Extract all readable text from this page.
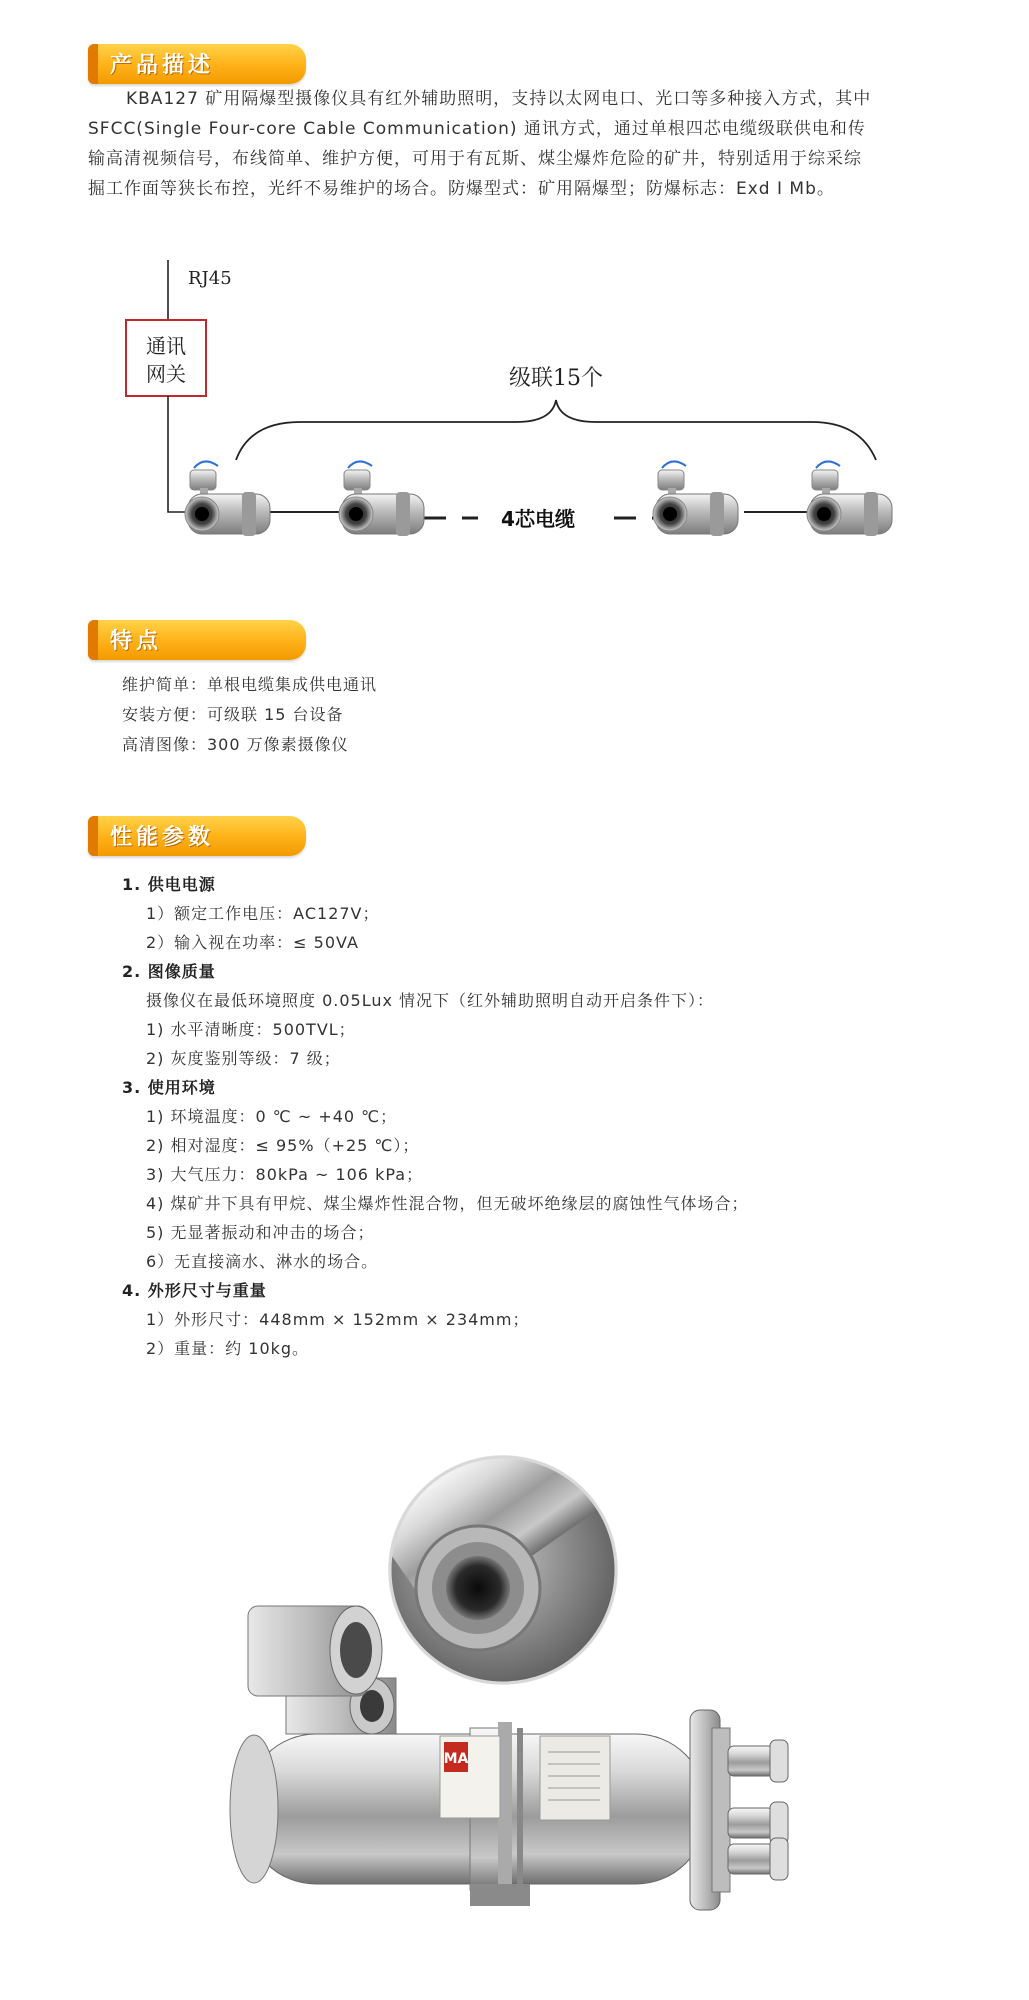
产品描述
KBA127 矿用隔爆型摄像仪具有红外辅助照明，支持以太网电口、光口等多种接入方式，其中
SFCC(Single Four-core Cable Communication) 通讯方式，通过单根四芯电缆级联供电和传
输高清视频信号，布线简单、维护方便，可用于有瓦斯、煤尘爆炸危险的矿井，特别适用于综采综
掘工作面等狭长布控，光纤不易维护的场合。防爆型式：矿用隔爆型；防爆标志：Exd I Mb。
RJ45
通讯
网关	级联15个
4芯电缆
特点
维护简单：单根电缆集成供电通讯
安装方便：可级联 15 台设备
高清图像：300 万像素摄像仪
性能参数
1. 供电电源
1）额定工作电压：AC127V；
2）输入视在功率：≤ 50VA
2. 图像质量
摄像仪在最低环境照度 0.05Lux 情况下（红外辅助照明自动开启条件下）：
1) 水平清晰度：500TVL；
2) 灰度鉴别等级：7 级；
3. 使用环境
1) 环境温度：0 ℃ ~ +40 ℃；
2) 相对湿度：≤ 95%（+25 ℃）；
3) 大气压力：80kPa ~ 106 kPa；
4) 煤矿井下具有甲烷、煤尘爆炸性混合物，但无破坏绝缘层的腐蚀性气体场合；
5) 无显著振动和冲击的场合；
6）无直接滴水、淋水的场合。
4. 外形尺寸与重量
1）外形尺寸：448mm × 152mm × 234mm；
2）重量：约 10kg。
MA
